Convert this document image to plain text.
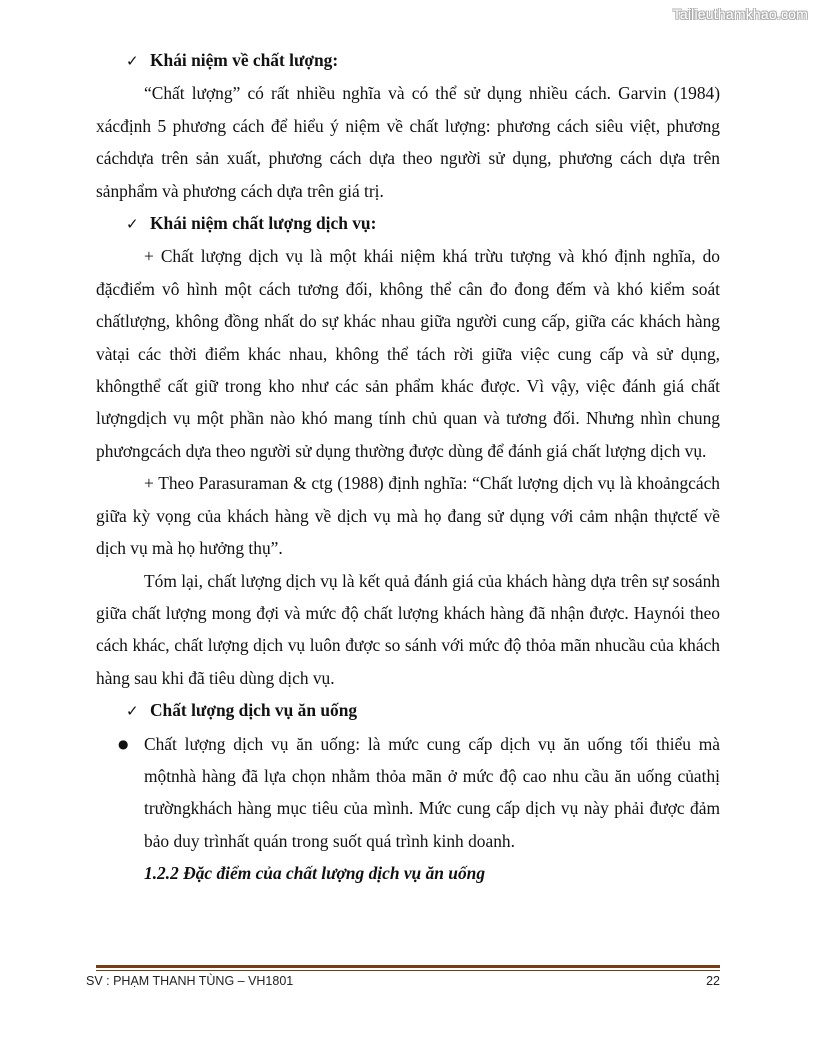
Tailieuthamkhao.com
✓ Khái niệm về chất lượng:

“Chất lượng” có rất nhiều nghĩa và có thể sử dụng nhiều cách. Garvin (1984) xácđịnh 5 phương cách để hiểu ý niệm về chất lượng: phương cách siêu việt, phương cáchdựa trên sản xuất, phương cách dựa theo người sử dụng, phương cách dựa trên sảnphẩm và phương cách dựa trên giá trị.

✓ Khái niệm chất lượng dịch vụ:

+ Chất lượng dịch vụ là một khái niệm khá trừu tượng và khó định nghĩa, do đặcđiểm vô hình một cách tương đối, không thể cân đo đong đếm và khó kiểm soát chấtlượng, không đồng nhất do sự khác nhau giữa người cung cấp, giữa các khách hàng vàtại các thời điểm khác nhau, không thể tách rời giữa việc cung cấp và sử dụng, khôngthể cất giữ trong kho như các sản phẩm khác được. Vì vậy, việc đánh giá chất lượngdịch vụ một phần nào khó mang tính chủ quan và tương đối. Nhưng nhìn chung phươngcách dựa theo người sử dụng thường được dùng để đánh giá chất lượng dịch vụ.

+ Theo Parasuraman & ctg (1988) định nghĩa: “Chất lượng dịch vụ là khoảngcách giữa kỳ vọng của khách hàng về dịch vụ mà họ đang sử dụng với cảm nhận thựctế về dịch vụ mà họ hưởng thụ”.

Tóm lại, chất lượng dịch vụ là kết quả đánh giá của khách hàng dựa trên sự sosánh giữa chất lượng mong đợi và mức độ chất lượng khách hàng đã nhận được. Haynói theo cách khác, chất lượng dịch vụ luôn được so sánh với mức độ thỏa mãn nhucầu của khách hàng sau khi đã tiêu dùng dịch vụ.

✓ Chất lượng dịch vụ ăn uống
● Chất lượng dịch vụ ăn uống: là mức cung cấp dịch vụ ăn uống tối thiểu mà mộtnhà hàng đã lựa chọn nhằm thỏa mãn ở mức độ cao nhu cầu ăn uống củathị trườngkhách hàng mục tiêu của mình. Mức cung cấp dịch vụ này phải được đảm bảo duy trìnhất quán trong suốt quá trình kinh doanh.
1.2.2 Đặc điểm của chất lượng dịch vụ ăn uống
SV : PHẠM THANH TÙNG – VH1801	22
